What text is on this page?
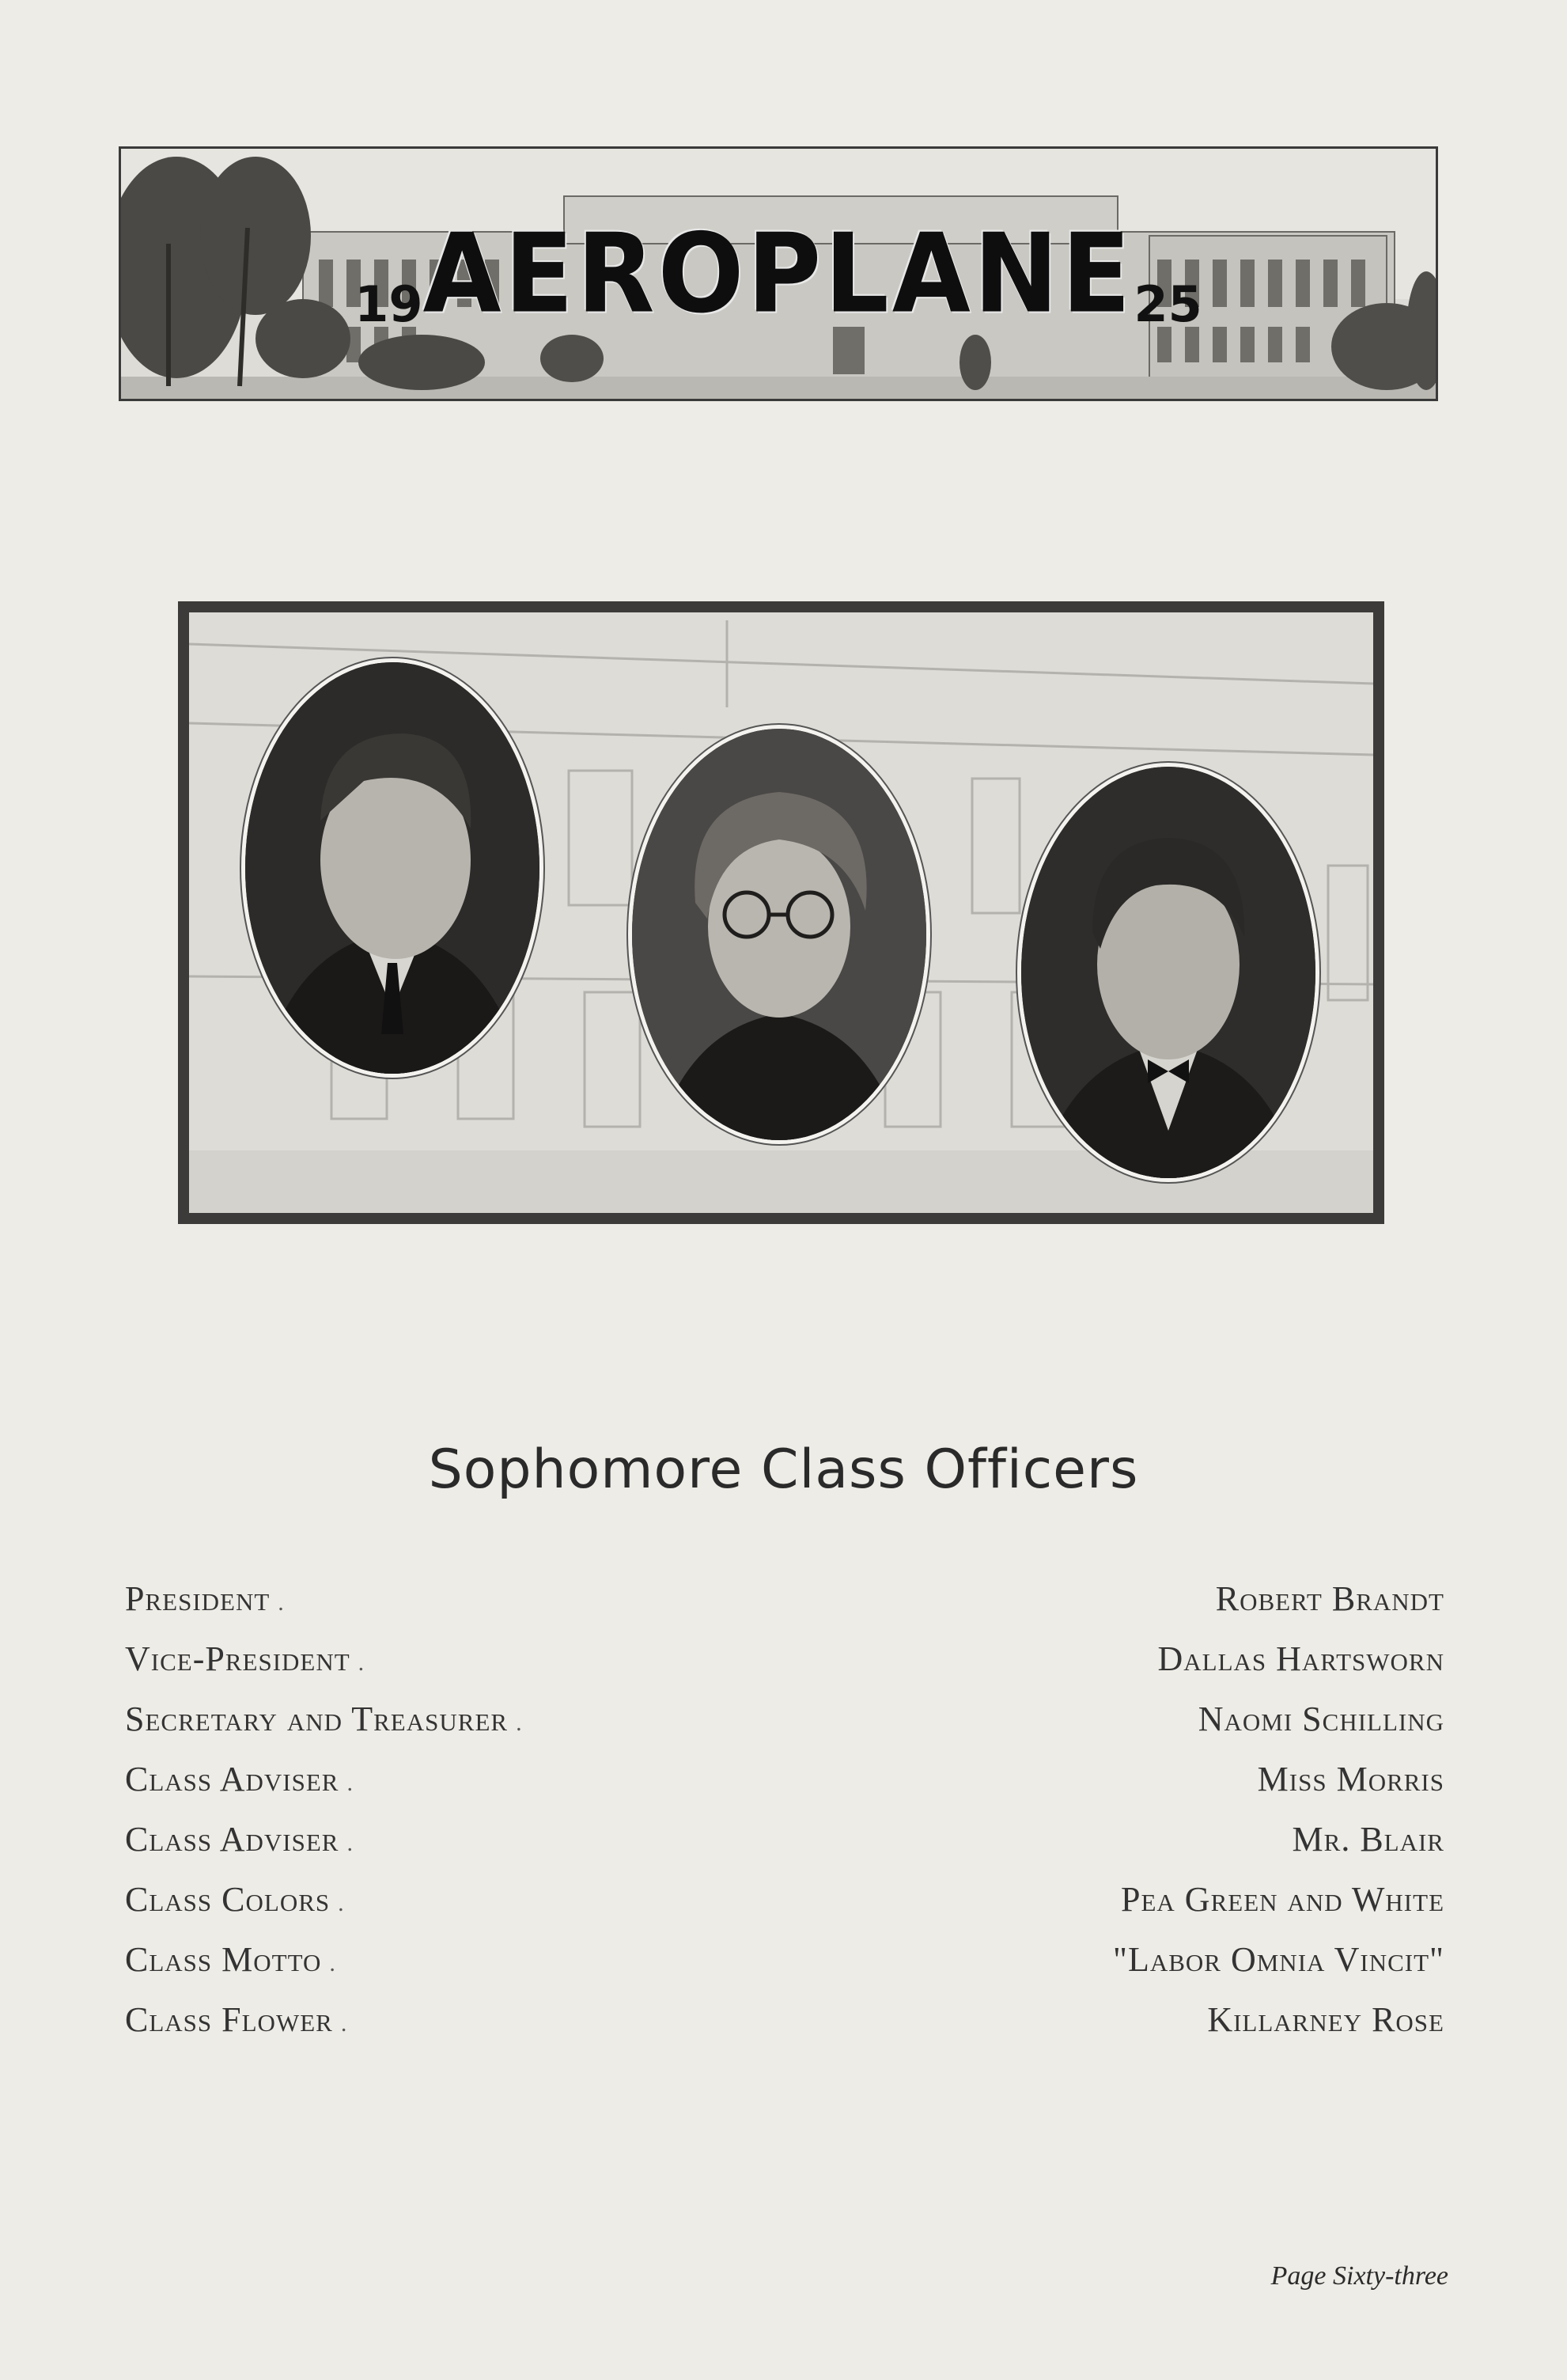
19 AEROPLANE 25
Sophomore Class Officers
President .	Robert Brandt
Vice-President .	Dallas Hartsworn
Secretary and Treasurer .	Naomi Schilling
Class Adviser .	Miss Morris
Class Adviser .	Mr. Blair
Class Colors .	Pea Green and White
Class Motto .	"Labor Omnia Vincit"
Class Flower .	Killarney Rose
Page Sixty-three
